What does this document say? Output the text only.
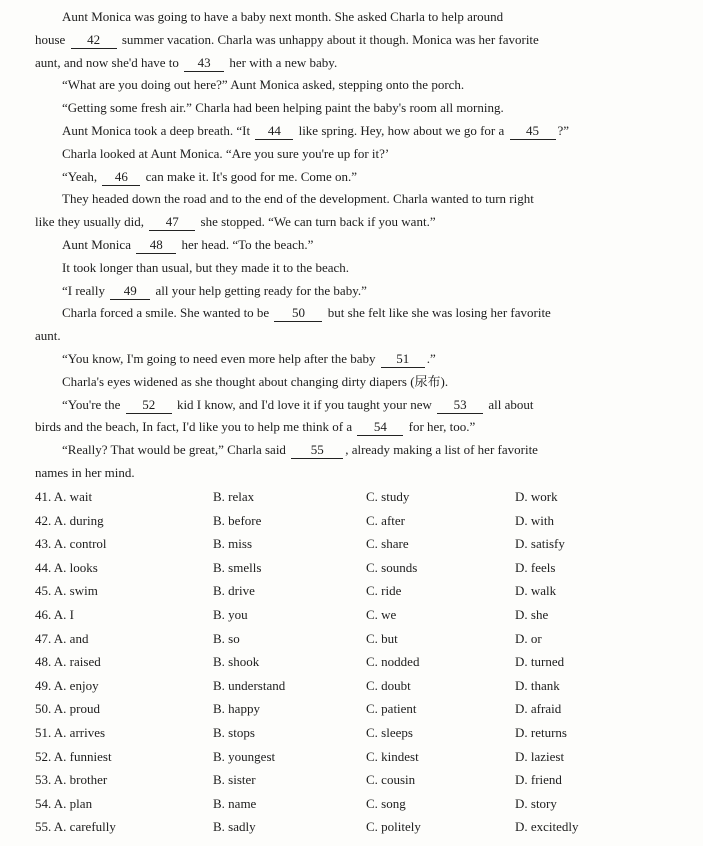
Aunt Monica was going to have a baby next month. She asked Charla to help around
house 42 summer vacation. Charla was unhappy about it though. Monica was her favorite
aunt, and now she'd have to 43 her with a new baby.
“What are you doing out here?” Aunt Monica asked, stepping onto the porch.
“Getting some fresh air.” Charla had been helping paint the baby's room all morning.
Aunt Monica took a deep breath. “It 44 like spring. Hey, how about we go for a 45 ?”
Charla looked at Aunt Monica. “Are you sure you're up for it?’
“Yeah, 46 can make it. It's good for me. Come on.”
They headed down the road and to the end of the development. Charla wanted to turn right
like they usually did, 47 she stopped. “We can turn back if you want.”
Aunt Monica 48 her head. “To the beach.”
It took longer than usual, but they made it to the beach.
“I really 49 all your help getting ready for the baby.”
Charla forced a smile. She wanted to be 50 but she felt like she was losing her favorite
aunt.
“You know, I'm going to need even more help after the baby 51 .”
Charla's eyes widened as she thought about changing dirty diapers (尿布).
“You're the 52 kid I know, and I'd love it if you taught your new 53 all about
birds and the beach, In fact, I'd like you to help me think of a 54 for her, too.”
“Really? That would be great,” Charla said 55 , already making a list of her favorite
names in her mind.
41. A. wait	B. relax	C. study	D. work
42. A. during	B. before	C. after	D. with
43. A. control	B. miss	C. share	D. satisfy
44. A. looks	B. smells	C. sounds	D. feels
45. A. swim	B. drive	C. ride	D. walk
46. A. I	B. you	C. we	D. she
47. A. and	B. so	C. but	D. or
48. A. raised	B. shook	C. nodded	D. turned
49. A. enjoy	B. understand	C. doubt	D. thank
50. A. proud	B. happy	C. patient	D. afraid
51. A. arrives	B. stops	C. sleeps	D. returns
52. A. funniest	B. youngest	C. kindest	D. laziest
53. A. brother	B. sister	C. cousin	D. friend
54. A. plan	B. name	C. song	D. story
55. A. carefully	B. sadly	C. politely	D. excitedly
